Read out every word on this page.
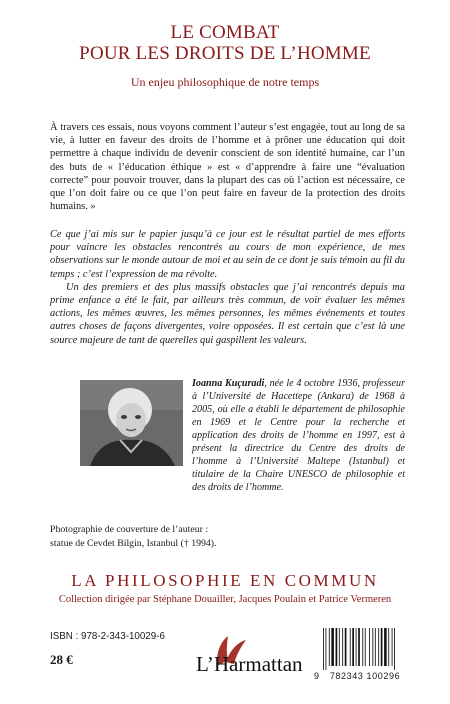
LE COMBAT
POUR LES DROITS DE L’HOMME
Un enjeu philosophique de notre temps

À travers ces essais, nous voyons comment l’auteur s’est engagée, tout au long de sa vie, à lutter en faveur des droits de l’homme et à prôner une éducation qui doit permettre à chaque individu de devenir conscient de son identité humaine, car l’un des buts de « l’éducation éthique » est « d’apprendre à faire une “évaluation correcte” pour pouvoir trouver, dans la plupart des cas où l’action est nécessaire, ce que l’on doit faire ou ce que l’on peut faire en faveur de la protection des droits humains. »

Ce que j’ai mis sur le papier jusqu’à ce jour est le résultat partiel de mes efforts pour vaincre les obstacles rencontrés au cours de mon expérience, de mes observations sur le monde autour de moi et au sein de ce dont je suis témoin au fil du temps ; c’est l’expression de ma révolte.

Un des premiers et des plus massifs obstacles que j’ai rencontrés depuis ma prime enfance a été le fait, par ailleurs très commun, de voir évaluer les mêmes actions, les mêmes œuvres, les mêmes personnes, les mêmes événements et toutes autres choses de façons divergentes, voire opposées. Il est certain que c’est là une source majeure de tant de querelles qui gaspillent les valeurs.

Ioanna Kuçuradi, née le 4 octobre 1936, professeur à l’Université de Hacettepe (Ankara) de 1968 à 2005, où elle a établi le département de philosophie en 1969 et le Centre pour la recherche et application des droits de l’homme en 1997, est à présent la directrice du Centre des droits de l’homme à l’Université Maltepe (Istanbul) et titulaire de la Chaire UNESCO de philosophie et des droits de l’homme.

Photographie de couverture de l’auteur :
statue de Cevdet Bilgin, Istanbul († 1994).
LA PHILOSOPHIE EN COMMUN
Collection dirigée par Stéphane Douailler, Jacques Poulain et Patrice Vermeren
ISBN : 978-2-343-10029-6
28 €	L’Harmattan 9	782343 100296
